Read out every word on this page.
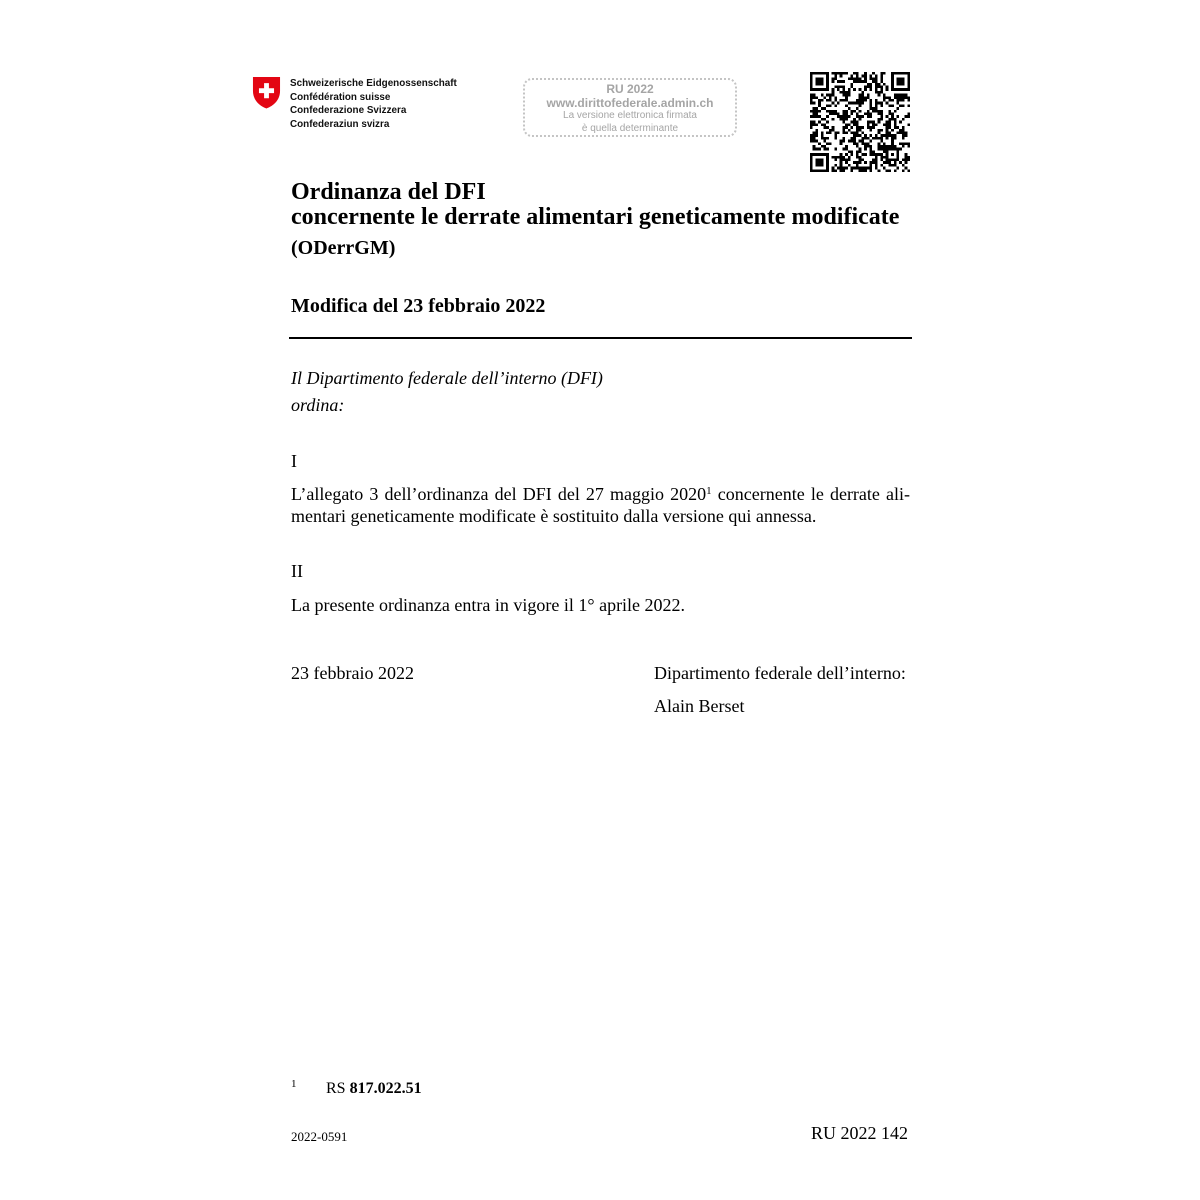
Schweizerische Eidgenossenschaft
Confédération suisse
Confederazione Svizzera
Confederaziun svizra
RU 2022
www.dirittofederale.admin.ch
La versione elettronica firmata
è quella determinante
Ordinanza del DFI
concernente le derrate alimentari geneticamente modificate
(ODerrGM)
Modifica del 23 febbraio 2022
Il Dipartimento federale dell’interno (DFI)
ordina:
I
L’allegato 3 dell’ordinanza del DFI del 27 maggio 2020$^1$ concernente le derrate ali-
mentari geneticamente modificate è sostituito dalla versione qui annessa.
II
La presente ordinanza entra in vigore il 1° aprile 2022.
23 febbraio 2022	Dipartimento federale dell’interno:
Alain Berset
1 RS 817.022.51
2022-0591	RU 2022 142
